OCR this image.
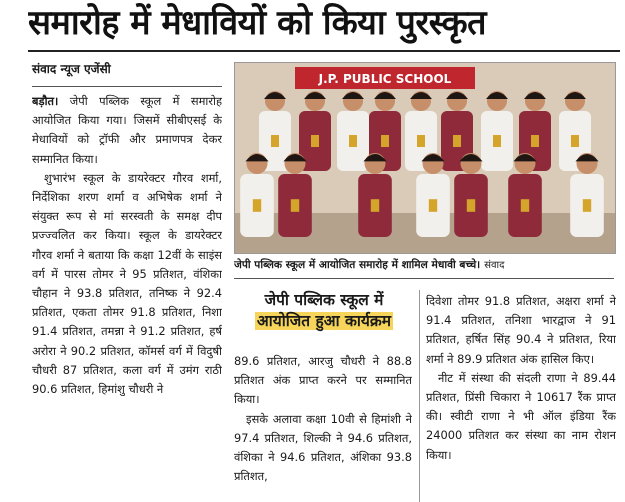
समारोह में मेधावियों को किया पुरस्कृत
संवाद न्यूज एजेंसी

बड़ौत। जेपी पब्लिक स्कूल में समारोह आयोजित किया गया। जिसमें सीबीएसई के मेधावियों को ट्रॉफी और प्रमाणपत्र देकर सम्मानित किया।

शुभारंभ स्कूल के डायरेक्टर गौरव शर्मा, निर्देशिका शरण शर्मा व अभिषेक शर्मा ने संयुक्त रूप से मां सरस्वती के समक्ष दीप प्रज्ज्वलित कर किया। स्कूल के डायरेक्टर गौरव शर्मा ने बताया कि कक्षा 12वीं के साइंस वर्ग में पारस तोमर ने 95 प्रतिशत, वंशिका चौहान ने 93.8 प्रतिशत, तनिष्क ने 92.4 प्रतिशत, एकता तोमर 91.8 प्रतिशत, निशा 91.4 प्रतिशत, तमन्ना ने 91.2 प्रतिशत, हर्ष अरोरा ने 90.2 प्रतिशत, कॉमर्स वर्ग में विदुषी चौधरी 87 प्रतिशत, कला वर्ग में उमंग राठी 90.6 प्रतिशत, हिमांशु चौधरी ने

J.P. PUBLIC SCHOOL
जेपी पब्लिक स्कूल में आयोजित समारोह में शामिल मेधावी बच्चे। संवाद
जेपी पब्लिक स्कूल में
आयोजित हुआ कार्यक्रम

89.6 प्रतिशत, आरजु चौधरी ने 88.8 प्रतिशत अंक प्राप्त करने पर सम्मानित किया।

इसके अलावा कक्षा 10वी से हिमांशी ने 97.4 प्रतिशत, शिल्की ने 94.6 प्रतिशत, वंशिका ने 94.6 प्रतिशत, अंशिका 93.8 प्रतिशत,

दिवेशा तोमर 91.8 प्रतिशत, अक्षरा शर्मा ने 91.4 प्रतिशत, तनिशा भारद्वाज ने 91 प्रतिशत, हर्षित सिंह 90.4 ने प्रतिशत, रिया शर्मा ने 89.9 प्रतिशत अंक हासिल किए।

नीट में संस्था की संदली राणा ने 89.44 प्रतिशत, प्रिंसी चिकारा ने 10617 रैंक प्राप्त की। स्वीटी राणा ने भी ऑल इंडिया रैंक 24000 प्रतिशत कर संस्था का नाम रोशन किया।
